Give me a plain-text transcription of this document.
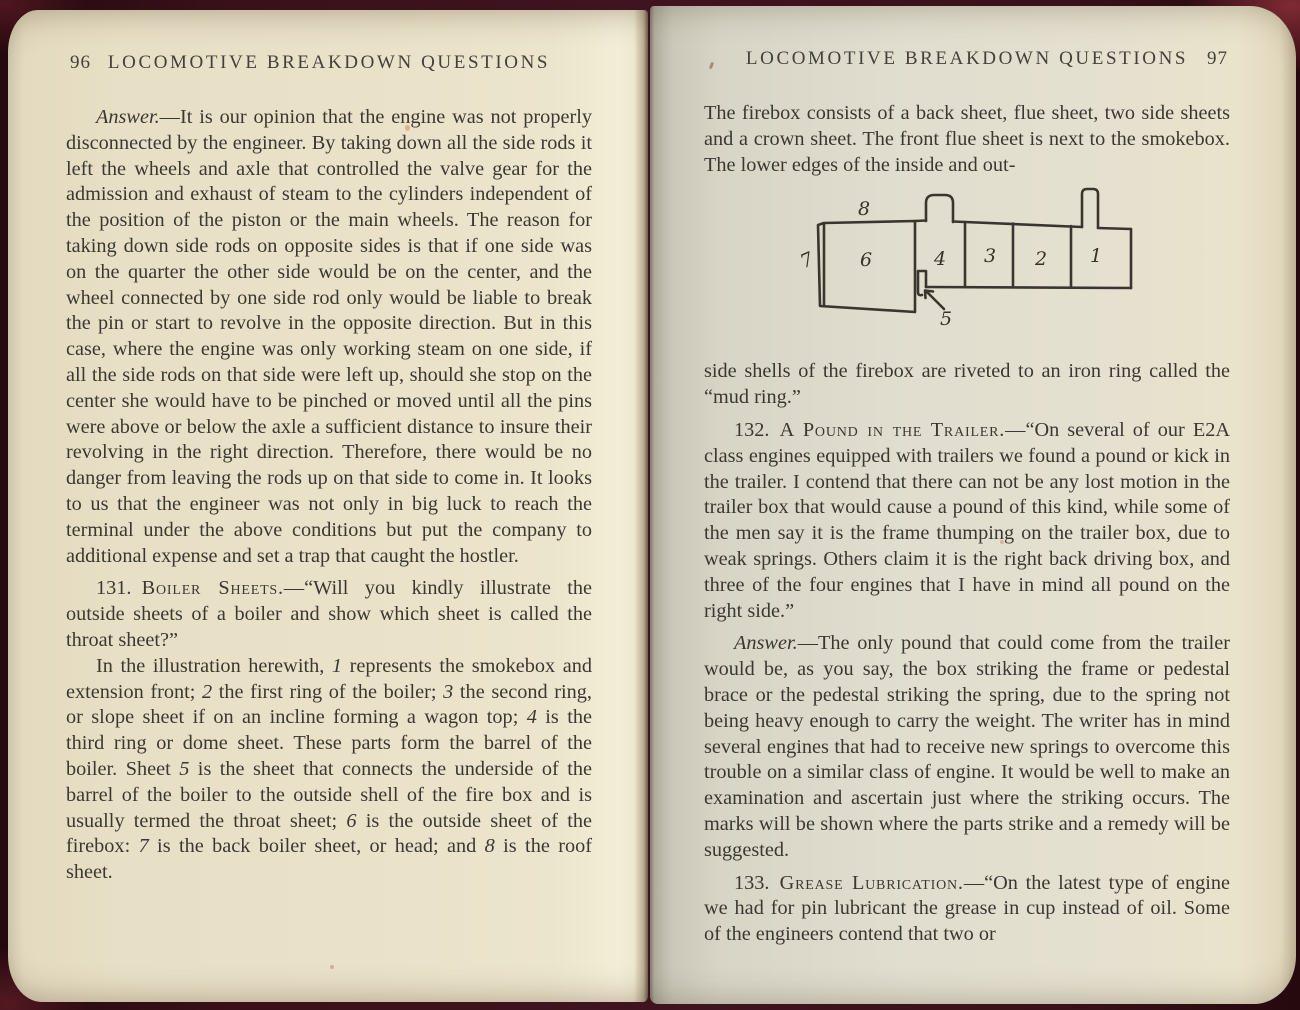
96 LOCOMOTIVE BREAKDOWN QUESTIONS

Answer.—It is our opinion that the engine was not properly disconnected by the engineer. By taking down all the side rods it left the wheels and axle that controlled the valve gear for the admission and exhaust of steam to the cylinders independent of the position of the piston or the main wheels. The reason for taking down side rods on opposite sides is that if one side was on the quarter the other side would be on the center, and the wheel connected by one side rod only would be liable to break the pin or start to revolve in the opposite direction. But in this case, where the engine was only working steam on one side, if all the side rods on that side were left up, should she stop on the center she would have to be pinched or moved until all the pins were above or below the axle a sufficient distance to insure their revolving in the right direction. Therefore, there would be no danger from leaving the rods up on that side to come in. It looks to us that the engineer was not only in big luck to reach the terminal under the above conditions but put the company to additional expense and set a trap that caught the hostler.

131. Boiler Sheets.—“Will you kindly illustrate the outside sheets of a boiler and show which sheet is called the throat sheet?”

In the illustration herewith, 1 represents the smokebox and extension front; 2 the first ring of the boiler; 3 the second ring, or slope sheet if on an incline forming a wagon top; 4 is the third ring or dome sheet. These parts form the barrel of the boiler. Sheet 5 is the sheet that connects the underside of the barrel of the boiler to the outside shell of the fire box and is usually termed the throat sheet; 6 is the outside sheet of the firebox: 7 is the back boiler sheet, or head; and 8 is the roof sheet.

LOCOMOTIVE BREAKDOWN QUESTIONS 97

The firebox consists of a back sheet, flue sheet, two side sheets and a crown sheet. The front flue sheet is next to the smokebox. The lower edges of the inside and out-

8
7 6	4 3 2 1
5

side shells of the firebox are riveted to an iron ring called the “mud ring.”

132. A Pound in the Trailer.—“On several of our E2A class engines equipped with trailers we found a pound or kick in the trailer. I contend that there can not be any lost motion in the trailer box that would cause a pound of this kind, while some of the men say it is the frame thumping on the trailer box, due to weak springs. Others claim it is the right back driving box, and three of the four engines that I have in mind all pound on the right side.”

Answer.—The only pound that could come from the trailer would be, as you say, the box striking the frame or pedestal brace or the pedestal striking the spring, due to the spring not being heavy enough to carry the weight. The writer has in mind several engines that had to receive new springs to overcome this trouble on a similar class of engine. It would be well to make an examination and ascertain just where the striking occurs. The marks will be shown where the parts strike and a remedy will be suggested.

133. Grease Lubrication.—“On the latest type of engine we had for pin lubricant the grease in cup instead of oil. Some of the engineers contend that two or
